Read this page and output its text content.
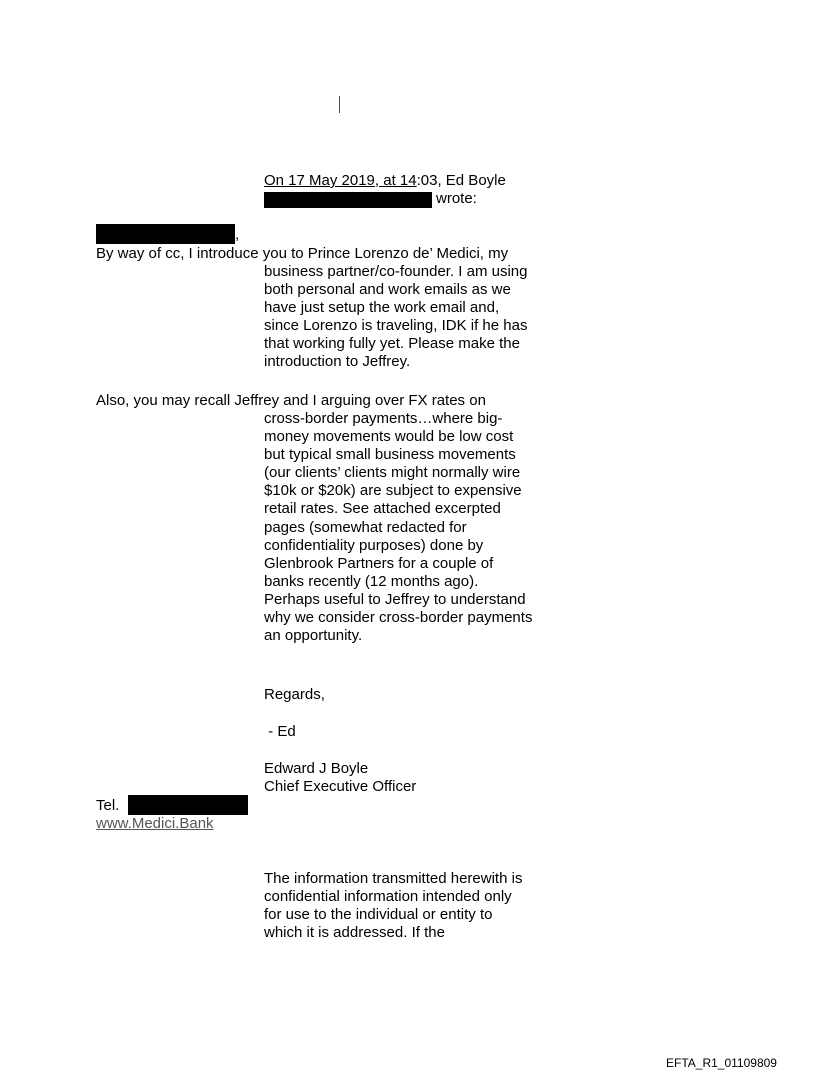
On 17 May 2019, at 14:03, Ed Boyle
wrote:
,
By way of cc, I introduce you to Prince Lorenzo de’ Medici, my

business partner/co-founder. I am using

both personal and work emails as we

have just setup the work email and,

since Lorenzo is traveling, IDK if he has

that working fully yet. Please make the

introduction to Jeffrey.

Also, you may recall Jeffrey and I arguing over FX rates on

cross-border payments…where big-

money movements would be low cost

but typical small business movements

(our clients’ clients might normally wire

$10k or $20k) are subject to expensive

retail rates. See attached excerpted

pages (somewhat redacted for

confidentiality purposes) done by

Glenbrook Partners for a couple of

banks recently (12 months ago).

Perhaps useful to Jeffrey to understand

why we consider cross-border payments

an opportunity.

Regards,
- Ed
Edward J Boyle
Chief Executive Officer
Tel.
www.Medici.Bank

The information transmitted herewith is

confidential information intended only

for use to the individual or entity to

which it is addressed. If the

EFTA_R1_01109809
